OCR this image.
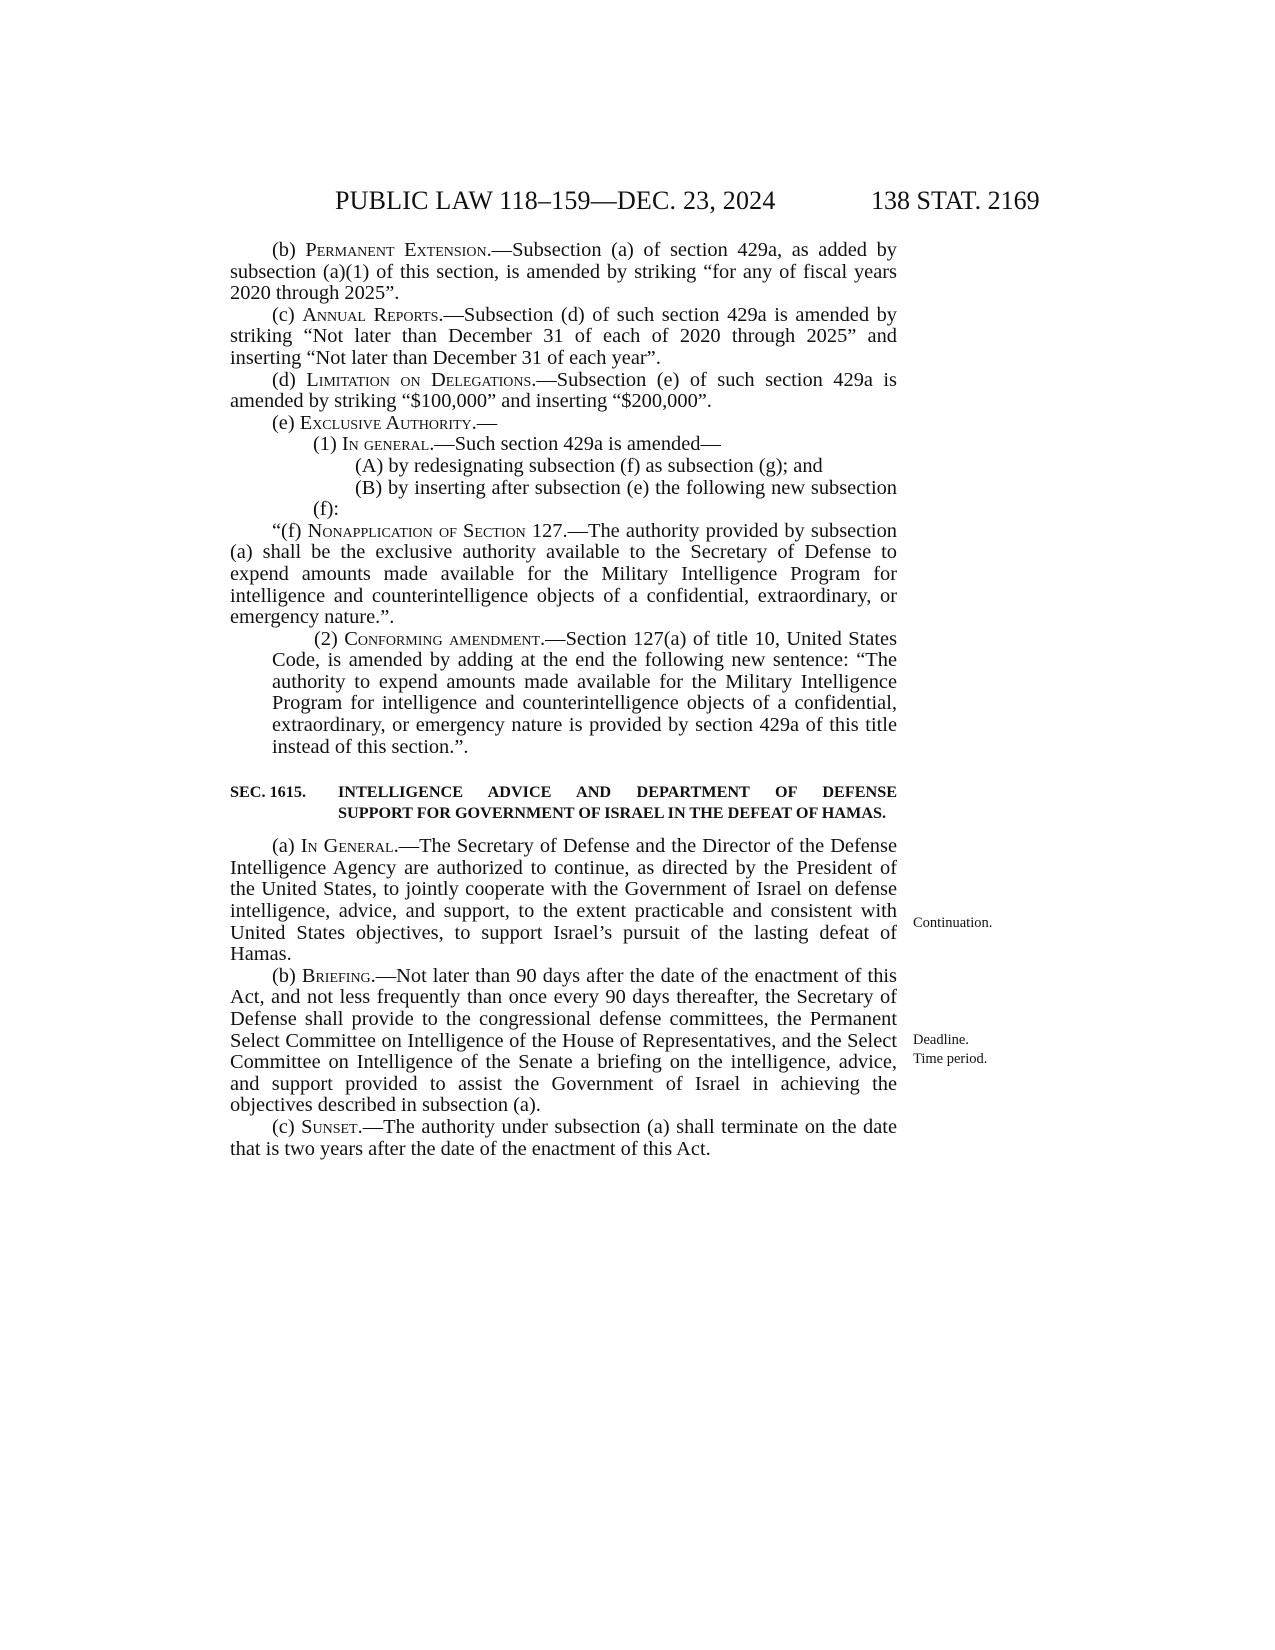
PUBLIC LAW 118–159—DEC. 23, 2024	138 STAT. 2169

(b) Permanent Extension.—Subsection (a) of section 429a, as added by subsection (a)(1) of this section, is amended by striking “for any of fiscal years 2020 through 2025”.

(c) Annual Reports.—Subsection (d) of such section 429a is amended by striking “Not later than December 31 of each of 2020 through 2025” and inserting “Not later than December 31 of each year”.

(d) Limitation on Delegations.—Subsection (e) of such section 429a is amended by striking “$100,000” and inserting “$200,000”.

(e) Exclusive Authority.—

(1) In general.—Such section 429a is amended—

(A) by redesignating subsection (f) as subsection (g); and

(B) by inserting after subsection (e) the following new subsection (f):

“(f) Nonapplication of Section 127.—The authority provided by subsection (a) shall be the exclusive authority available to the Secretary of Defense to expend amounts made available for the Military Intelligence Program for intelligence and counterintelligence objects of a confidential, extraordinary, or emergency nature.”.

(2) Conforming amendment.—Section 127(a) of title 10, United States Code, is amended by adding at the end the following new sentence: “The authority to expend amounts made available for the Military Intelligence Program for intelligence and counterintelligence objects of a confidential, extraordinary, or emergency nature is provided by section 429a of this title instead of this section.”.

SEC. 1615.	INTELLIGENCE ADVICE AND DEPARTMENT OF DEFENSE
SUPPORT FOR GOVERNMENT OF ISRAEL IN THE DEFEAT OF HAMAS.

(a) In General.—The Secretary of Defense and the Director of the Defense Intelligence Agency are authorized to continue, as directed by the President of the United States, to jointly cooperate with the Government of Israel on defense intelligence, advice, and support, to the extent practicable and consistent with United States objectives, to support Israel’s pursuit of the lasting defeat of Hamas.

(b) Briefing.—Not later than 90 days after the date of the enactment of this Act, and not less frequently than once every 90 days thereafter, the Secretary of Defense shall provide to the congressional defense committees, the Permanent Select Committee on Intelligence of the House of Representatives, and the Select Committee on Intelligence of the Senate a briefing on the intelligence, advice, and support provided to assist the Government of Israel in achieving the objectives described in subsection (a).

(c) Sunset.—The authority under subsection (a) shall terminate on the date that is two years after the date of the enactment of this Act.

Continuation.
Deadline.
Time period.
